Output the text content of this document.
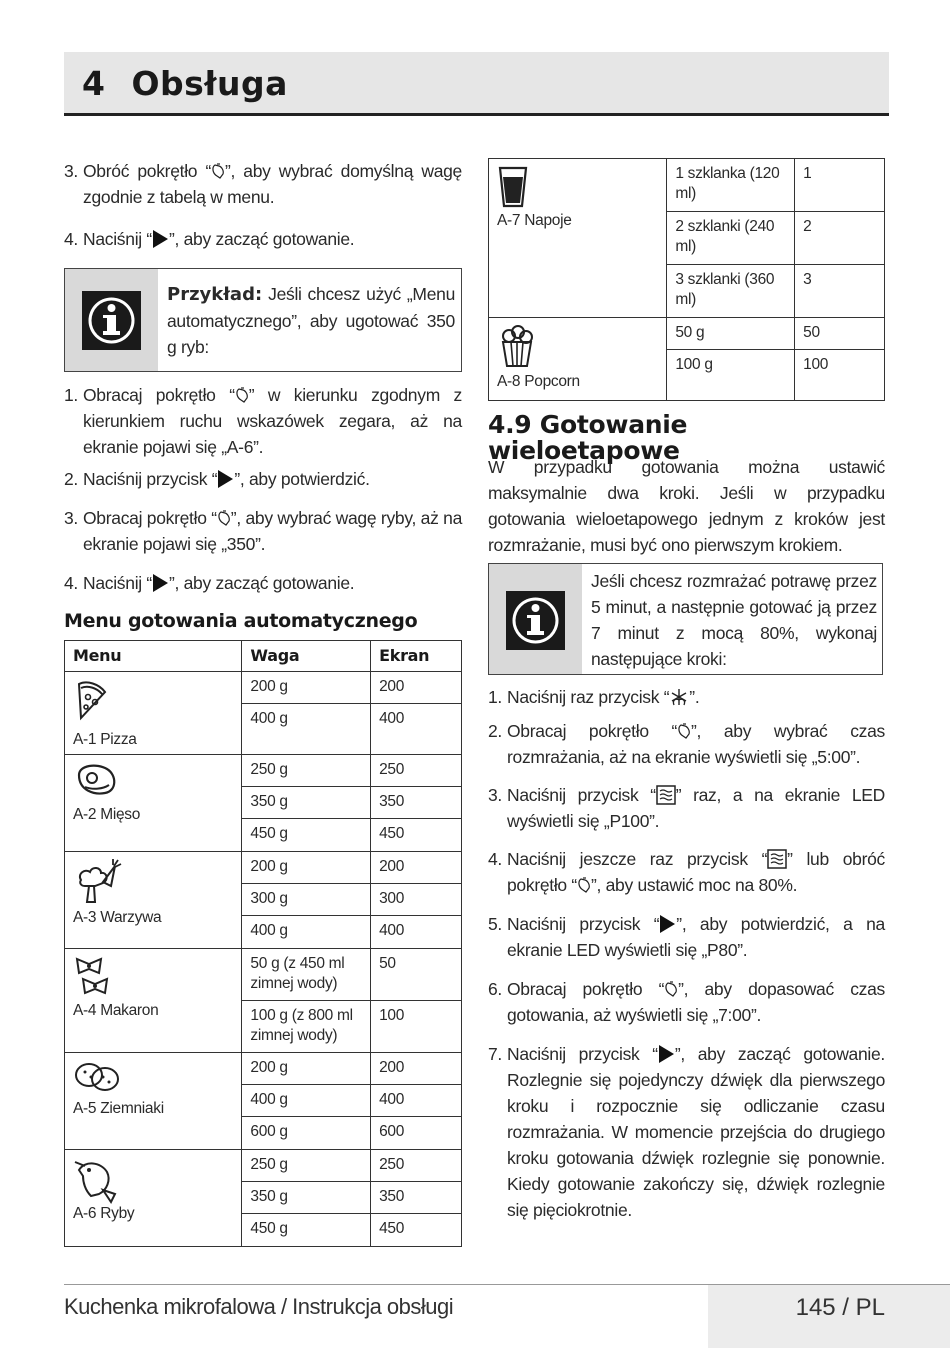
4 Obsługa
3. Obróć pokrętło “ ”, aby wybrać domyślną wagę zgodnie z tabelą w menu.
4. Naciśnij “ ”, aby zacząć gotowanie.
Przykład: Jeśli chcesz użyć „Menu automatycznego”, aby ugotować 350 g ryb:
1. Obracaj pokrętło “ ” w kierunku zgodnym z kierunkiem ruchu wskazówek zegara, aż na ekranie pojawi się „A-6”.
2. Naciśnij przycisk “ ”, aby potwierdzić.
3. Obracaj pokrętło “ ”, aby wybrać wagę ryby, aż na ekranie pojawi się „350”.
4. Naciśnij “ ”, aby zacząć gotowanie.
Menu gotowania automatycznego
Menu	Waga	Ekran

A-1 Pizza	200 g	200
	400 g	400

A-2 Mięso	250 g	250
	350 g	350
	450 g	450

A-3 Warzywa	200 g	200
	300 g	300
	400 g	400

A-4 Makaron	50 g (z 450 ml zimnej wody)	50
	100 g (z 800 ml zimnej wody)	100

A-5 Ziemniaki	200 g	200
	400 g	400
	600 g	600

A-6 Ryby	250 g	250
	350 g	350
	450 g	450
A-7 Napoje	1 szklanka (120 ml)	1
	2 szklanki (240 ml)	2
	3 szklanki (360 ml)	3

A-8 Popcorn	50 g	50
	100 g	100
4.9 Gotowanie wieloetapowe
W przypadku gotowania można ustawić maksymalnie dwa kroki. Jeśli w przypadku gotowania wieloetapowego jednym z kroków jest rozmrażanie, musi być ono pierwszym krokiem.
Jeśli chcesz rozmrażać potrawę przez 5 minut, a następnie gotować ją przez 7 minut z mocą 80%, wykonaj następujące kroki:
1. Naciśnij raz przycisk “ ”.
2. Obracaj pokrętło “ ”, aby wybrać czas rozmrażania, aż na ekranie wyświetli się „5:00”.
3. Naciśnij przycisk “ ” raz, a na ekranie LED wyświetli się „P100”.
4. Naciśnij jeszcze raz przycisk “ ” lub obróć pokrętło “ ”, aby ustawić moc na 80%.
5. Naciśnij przycisk “ ”, aby potwierdzić, a na ekranie LED wyświetli się „P80”.
6. Obracaj pokrętło “ ”, aby dopasować czas gotowania, aż wyświetli się „7:00”.
7. Naciśnij przycisk “ ”, aby zacząć gotowanie. Rozlegnie się pojedynczy dźwięk dla pierwszego kroku i rozpocznie się odliczanie czasu rozmrażania. W momencie przejścia do drugiego kroku gotowania dźwięk rozlegnie się ponownie. Kiedy gotowanie zakończy się, dźwięk rozlegnie się pięciokrotnie.
Kuchenka mikrofalowa / Instrukcja obsługi	145 / PL
